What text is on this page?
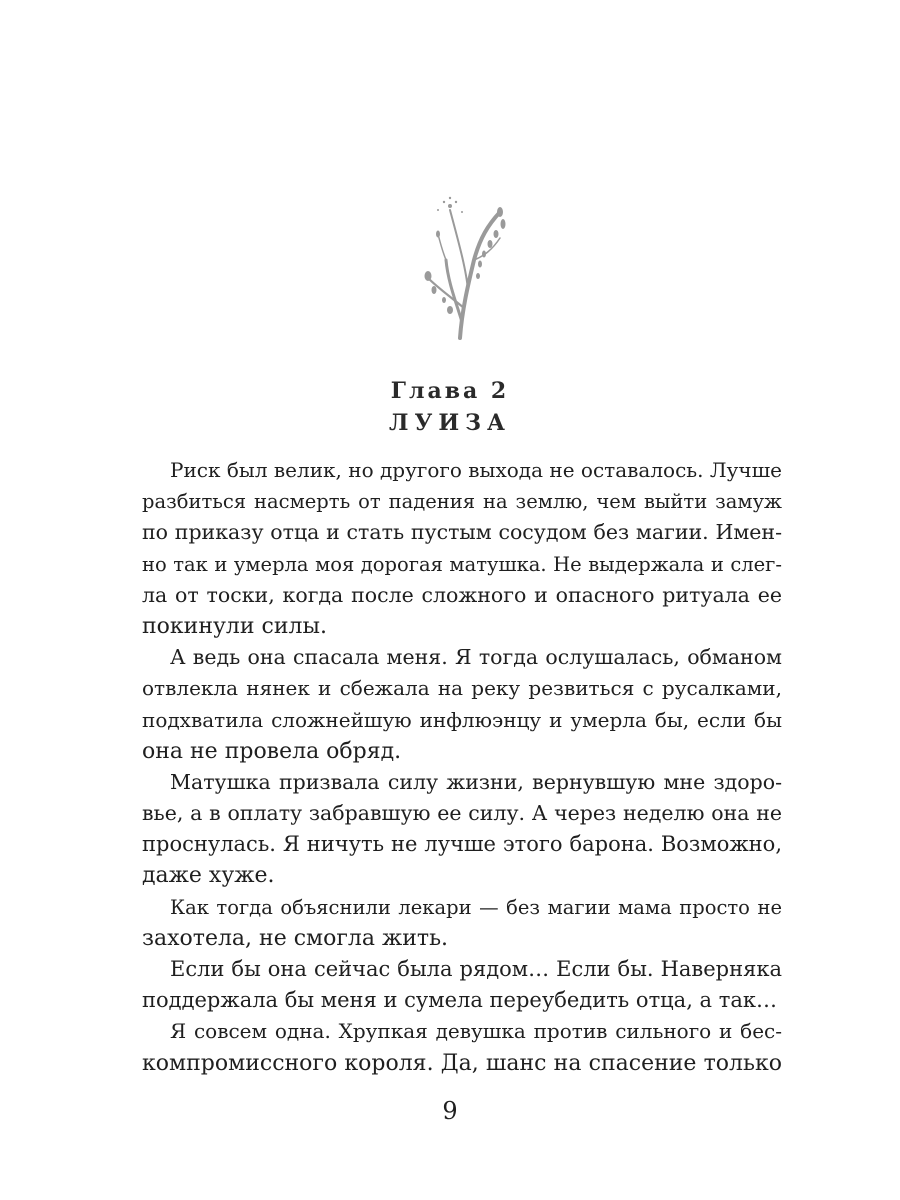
Глава 2
ЛУИЗА
Риск был велик, но другого выхода не оставалось. Лучше
разбиться насмерть от падения на землю, чем выйти замуж
по приказу отца и стать пустым сосудом без магии. Имен-
но так и умерла моя дорогая матушка. Не выдержала и слег-
ла от тоски, когда после сложного и опасного ритуала ее
покинули силы.
А ведь она спасала меня. Я тогда ослушалась, обманом
отвлекла нянек и сбежала на реку резвиться с русалками,
подхватила сложнейшую инфлюэнцу и умерла бы, если бы
она не провела обряд.
Матушка призвала силу жизни, вернувшую мне здоро-
вье, а в оплату забравшую ее силу. А через неделю она не
проснулась. Я ничуть не лучше этого барона. Возможно,
даже хуже.
Как тогда объяснили лекари — без магии мама просто не
захотела, не смогла жить.
Если бы она сейчас была рядом… Если бы. Наверняка
поддержала бы меня и сумела переубедить отца, а так…
Я совсем одна. Хрупкая девушка против сильного и бес-
компромиссного короля. Да, шанс на спасение только
9
